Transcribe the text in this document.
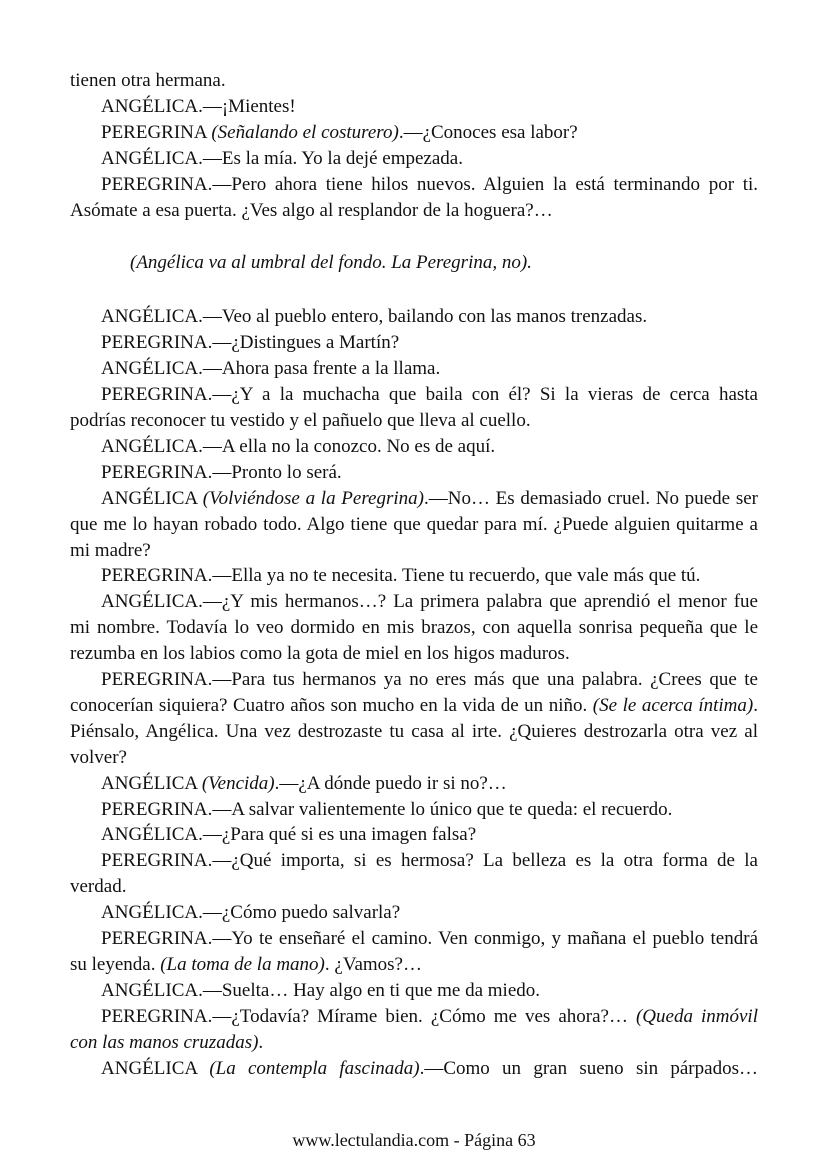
tienen otra hermana.

ANGÉLICA.—¡Mientes!

PEREGRINA (Señalando el costurero).—¿Conoces esa labor?

ANGÉLICA.—Es la mía. Yo la dejé empezada.

PEREGRINA.—Pero ahora tiene hilos nuevos. Alguien la está terminando por ti. Asómate a esa puerta. ¿Ves algo al resplandor de la hoguera?…

(Angélica va al umbral del fondo. La Peregrina, no).

ANGÉLICA.—Veo al pueblo entero, bailando con las manos trenzadas.

PEREGRINA.—¿Distingues a Martín?

ANGÉLICA.—Ahora pasa frente a la llama.

PEREGRINA.—¿Y a la muchacha que baila con él? Si la vieras de cerca hasta podrías reconocer tu vestido y el pañuelo que lleva al cuello.

ANGÉLICA.—A ella no la conozco. No es de aquí.

PEREGRINA.—Pronto lo será.

ANGÉLICA (Volviéndose a la Peregrina).—No… Es demasiado cruel. No puede ser que me lo hayan robado todo. Algo tiene que quedar para mí. ¿Puede alguien quitarme a mi madre?

PEREGRINA.—Ella ya no te necesita. Tiene tu recuerdo, que vale más que tú.

ANGÉLICA.—¿Y mis hermanos…? La primera palabra que aprendió el menor fue mi nombre. Todavía lo veo dormido en mis brazos, con aquella sonrisa pequeña que le rezumba en los labios como la gota de miel en los higos maduros.

PEREGRINA.—Para tus hermanos ya no eres más que una palabra. ¿Crees que te conocerían siquiera? Cuatro años son mucho en la vida de un niño. (Se le acerca íntima). Piénsalo, Angélica. Una vez destrozaste tu casa al irte. ¿Quieres destrozarla otra vez al volver?

ANGÉLICA (Vencida).—¿A dónde puedo ir si no?…

PEREGRINA.—A salvar valientemente lo único que te queda: el recuerdo.

ANGÉLICA.—¿Para qué si es una imagen falsa?

PEREGRINA.—¿Qué importa, si es hermosa? La belleza es la otra forma de la verdad.

ANGÉLICA.—¿Cómo puedo salvarla?

PEREGRINA.—Yo te enseñaré el camino. Ven conmigo, y mañana el pueblo tendrá su leyenda. (La toma de la mano). ¿Vamos?…

ANGÉLICA.—Suelta… Hay algo en ti que me da miedo.

PEREGRINA.—¿Todavía? Mírame bien. ¿Cómo me ves ahora?… (Queda inmóvil con las manos cruzadas).

ANGÉLICA (La contempla fascinada).—Como un gran sueno sin párpados…

www.lectulandia.com - Página 63
